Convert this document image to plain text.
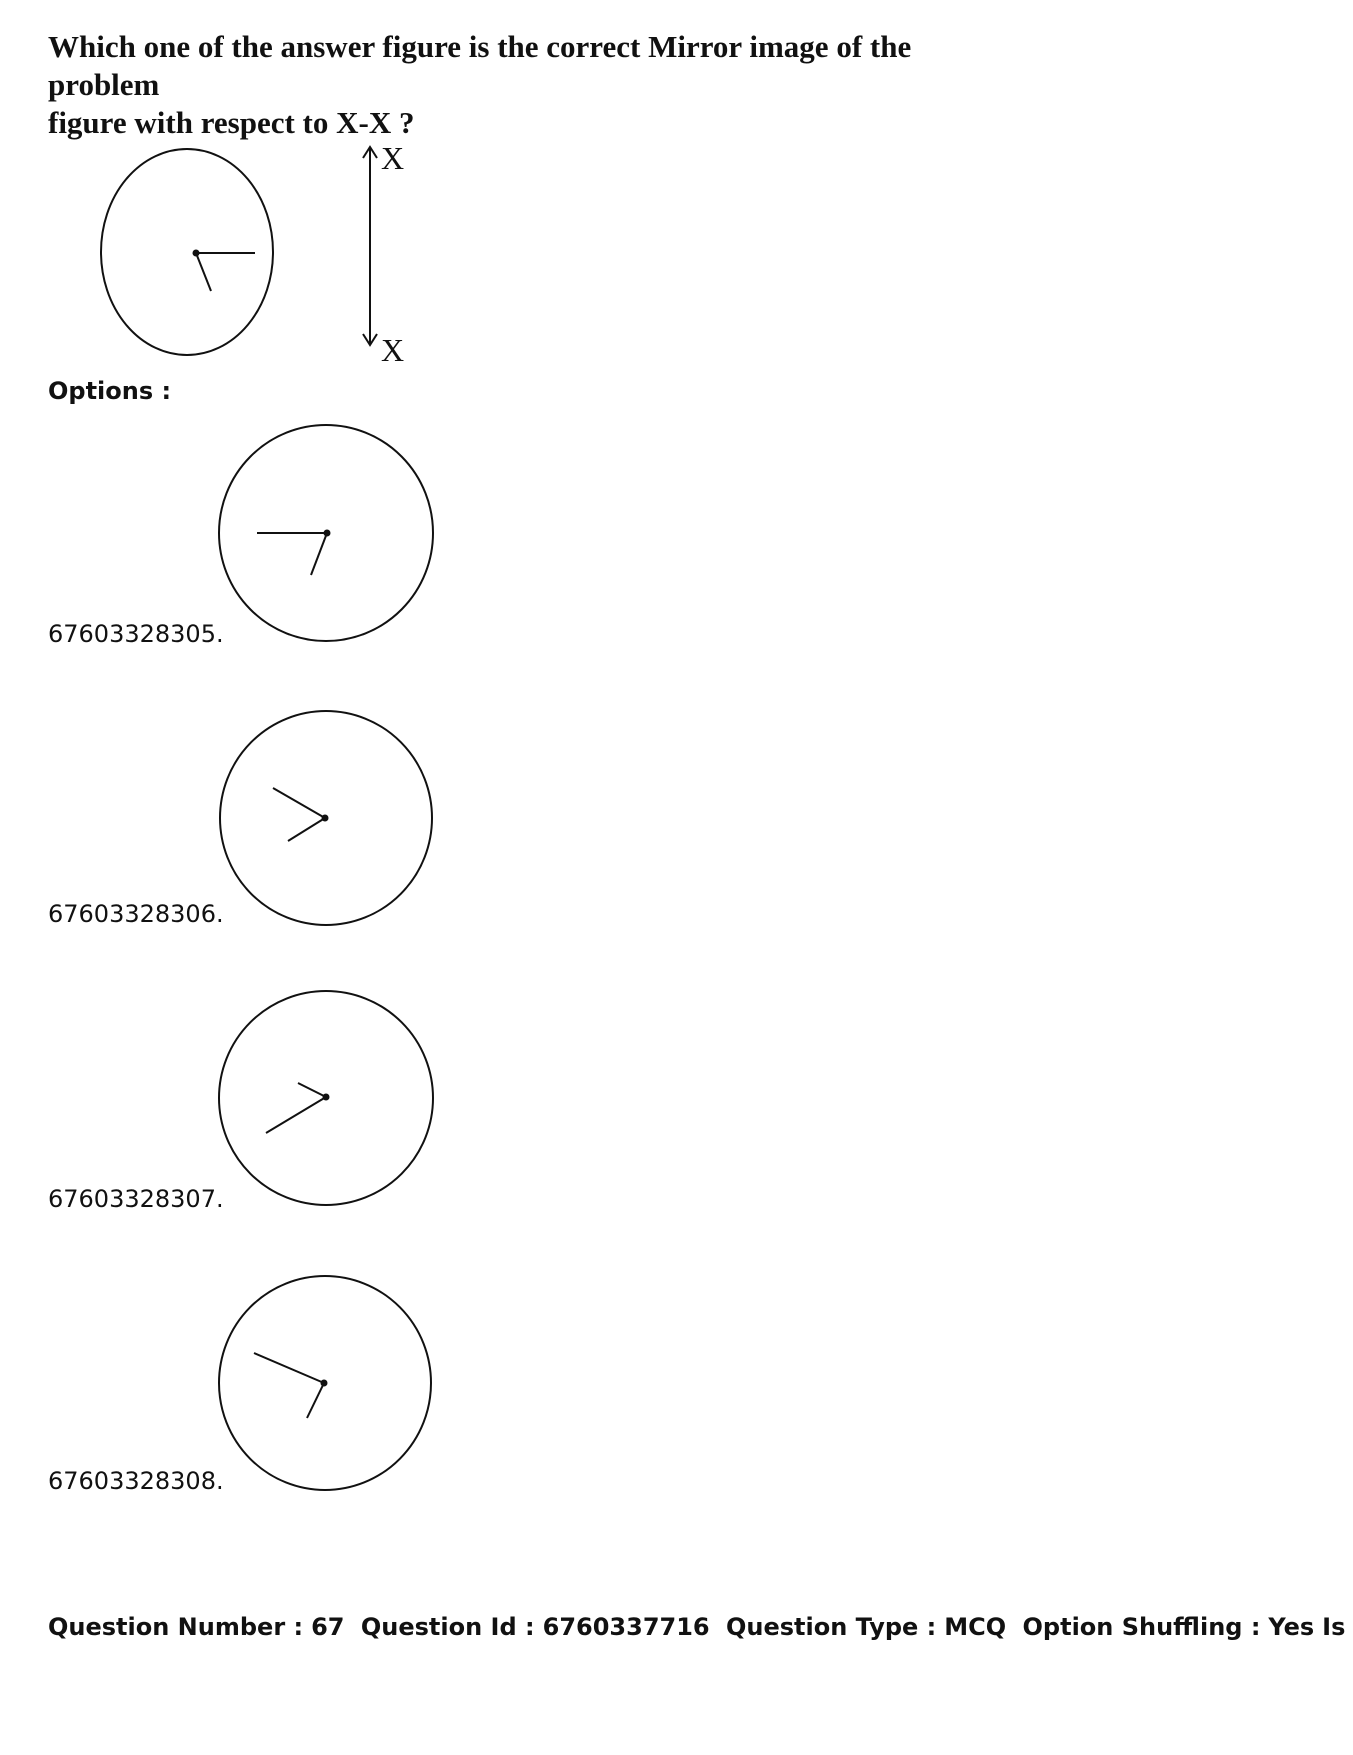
Which one of the answer figure is the correct Mirror image of the problem
figure with respect to X-X ?
X
X
Options :
67603328305.
67603328306.
67603328307.
67603328308.
Question Number : 67 Question Id : 6760337716 Question Type : MCQ Option Shuffling : Yes Is
